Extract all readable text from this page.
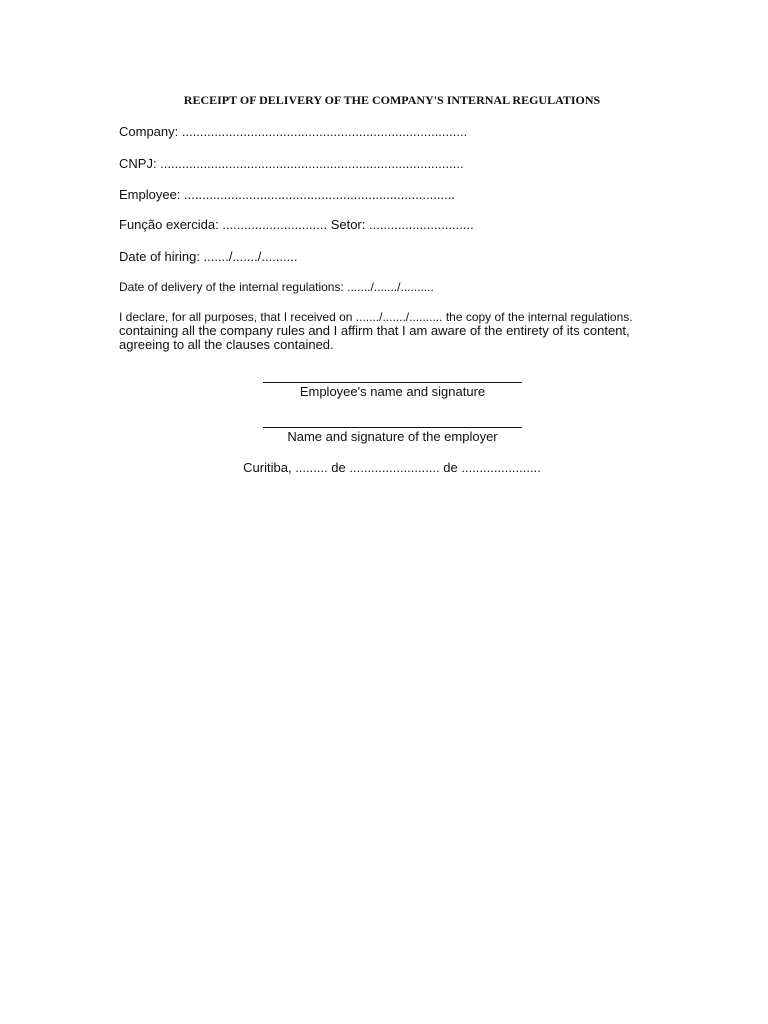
RECEIPT OF DELIVERY OF THE COMPANY'S INTERNAL REGULATIONS
Company: ...............................................................................
CNPJ: ....................................................................................
Employee: ...........................................................................
Função exercida: ............................. Setor: .............................
Date of hiring: ......./......./..........
Date of delivery of the internal regulations: ......./......./..........
I declare, for all purposes, that I received on ......./......./.......... the copy of the internal regulations.
containing all the company rules and I affirm that I am aware of the entirety of its content,
agreeing to all the clauses contained.
Employee's name and signature
Name and signature of the employer
Curitiba, ......... de ......................... de ......................
